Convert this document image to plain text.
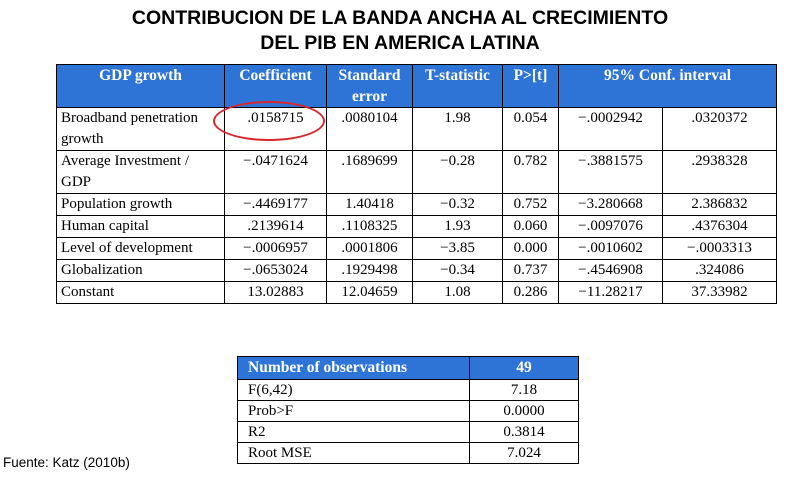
CONTRIBUCION DE LA BANDA ANCHA AL CRECIMIENTO
DEL PIB EN AMERICA LATINA
GDP growth	Coefficient	Standard error	T-statistic	P>[t]	95% Conf. interval	
Broadband penetration growth	.0158715	.0080104	1.98	0.054	−.0002942	.0320372
Average Investment / GDP	−.0471624	.1689699	−0.28	0.782	−.3881575	.2938328
Population growth	−.4469177	1.40418	−0.32	0.752	−3.280668	2.386832
Human capital	.2139614	.1108325	1.93	0.060	−.0097076	.4376304
Level of development	−.0006957	.0001806	−3.85	0.000	−.0010602	−.0003313
Globalization	−.0653024	.1929498	−0.34	0.737	−.4546908	.324086
Constant	13.02883	12.04659	1.08	0.286	−11.28217	37.33982
Number of observations	49
F(6,42)	7.18
Prob>F	0.0000
R2	0.3814
Root MSE	7.024
Fuente: Katz (2010b)
